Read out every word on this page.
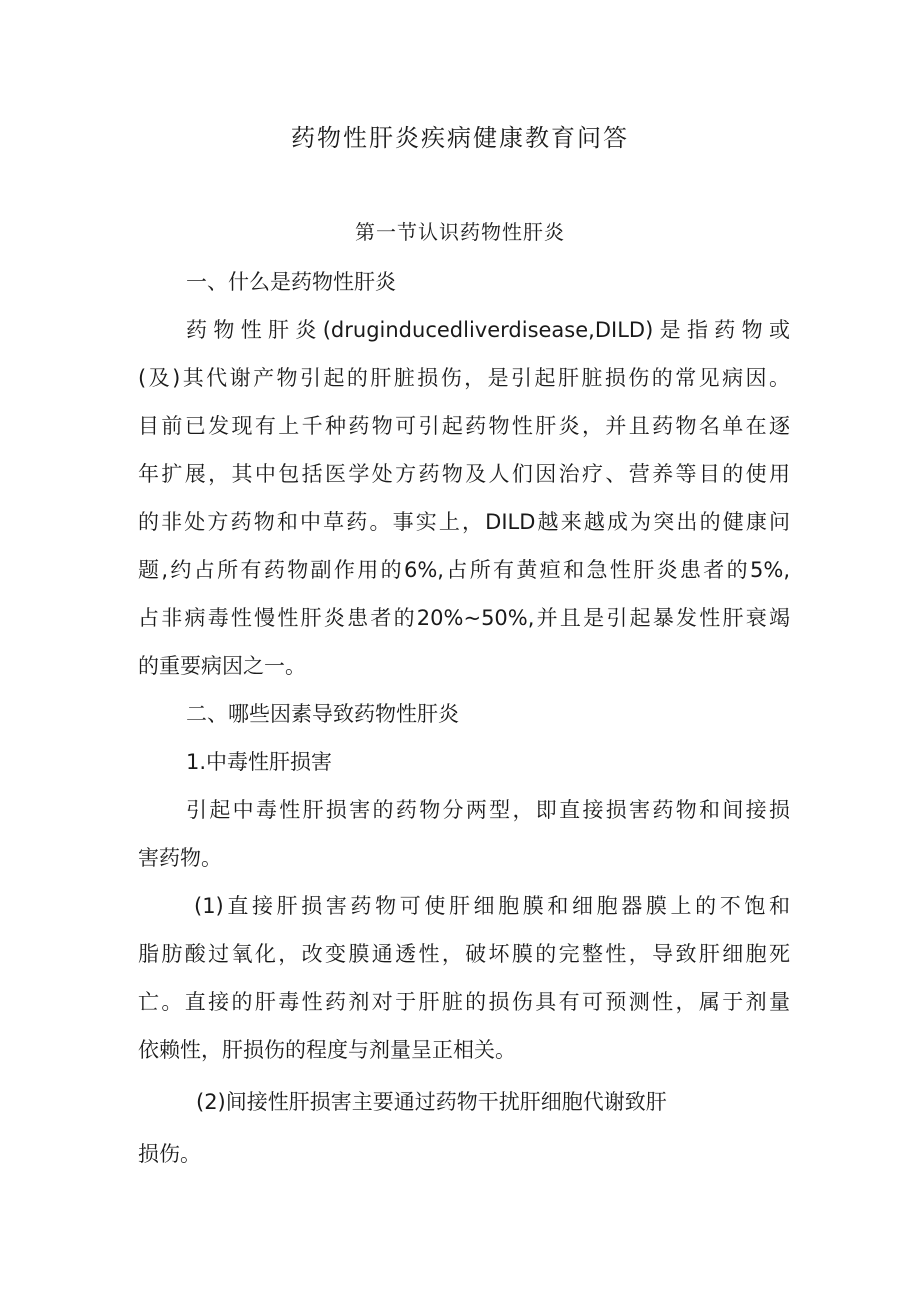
药物性肝炎疾病健康教育问答
第一节认识药物性肝炎
一、什么是药物性肝炎
药物性肝炎(druginducedliverdisease,DILD)是指药物或
(及)其代谢产物引起的肝脏损伤，是引起肝脏损伤的常见病因。
目前已发现有上千种药物可引起药物性肝炎，并且药物名单在逐
年扩展，其中包括医学处方药物及人们因治疗、营养等目的使用
的非处方药物和中草药。事实上，DILD越来越成为突出的健康问
题,约占所有药物副作用的6%,占所有黄疸和急性肝炎患者的5%,
占非病毒性慢性肝炎患者的20%~50%,并且是引起暴发性肝衰竭
的重要病因之一。
二、哪些因素导致药物性肝炎
1.中毒性肝损害
引起中毒性肝损害的药物分两型，即直接损害药物和间接损
害药物。
(1)直接肝损害药物可使肝细胞膜和细胞器膜上的不饱和
脂肪酸过氧化，改变膜通透性，破坏膜的完整性，导致肝细胞死
亡。直接的肝毒性药剂对于肝脏的损伤具有可预测性，属于剂量
依赖性，肝损伤的程度与剂量呈正相关。
(2)间接性肝损害主要通过药物干扰肝细胞代谢致肝
损伤。
